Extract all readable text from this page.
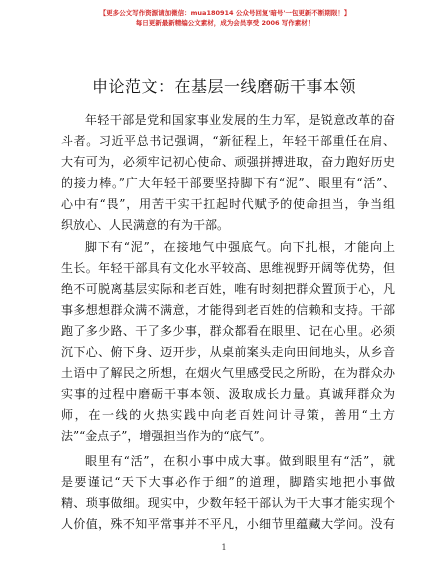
【更多公文写作资源请加微信：mua180914 公众号回复'暗号'一包更新不断期限！】
每日更新最新精编公文素材，成为会员享受 2006 写作素材！
申论范文：在基层一线磨砺干事本领
年轻干部是党和国家事业发展的生力军，是锐意改革的奋
斗者。习近平总书记强调，“新征程上，年轻干部重任在肩、
大有可为，必须牢记初心使命、顽强拼搏进取，奋力跑好历史
的接力棒。”广大年轻干部要坚持脚下有“泥”、眼里有“活”、
心中有“畏”，用苦干实干扛起时代赋予的使命担当，争当组
织放心、人民满意的有为干部。
脚下有“泥”，在接地气中强底气。向下扎根，才能向上
生长。年轻干部具有文化水平较高、思维视野开阔等优势，但
绝不可脱离基层实际和老百姓，唯有时刻把群众置顶于心，凡
事多想想群众满不满意，才能得到老百姓的信赖和支持。干部
跑了多少路、干了多少事，群众都看在眼里、记在心里。必须
沉下心、俯下身、迈开步，从桌前案头走向田间地头，从乡音
土语中了解民之所想，在烟火气里感受民之所盼，在为群众办
实事的过程中磨砺干事本领、汲取成长力量。真诚拜群众为
师，在一线的火热实践中向老百姓问计寻策，善用“土方
法”“金点子”，增强担当作为的“底气”。
眼里有“活”，在积小事中成大事。做到眼里有“活”，就
是要谨记“天下大事必作于细”的道理，脚踏实地把小事做
精、琐事做细。现实中，少数年轻干部认为干大事才能实现个
人价值，殊不知平常事并不平凡，小细节里蕴藏大学问。没有
1
